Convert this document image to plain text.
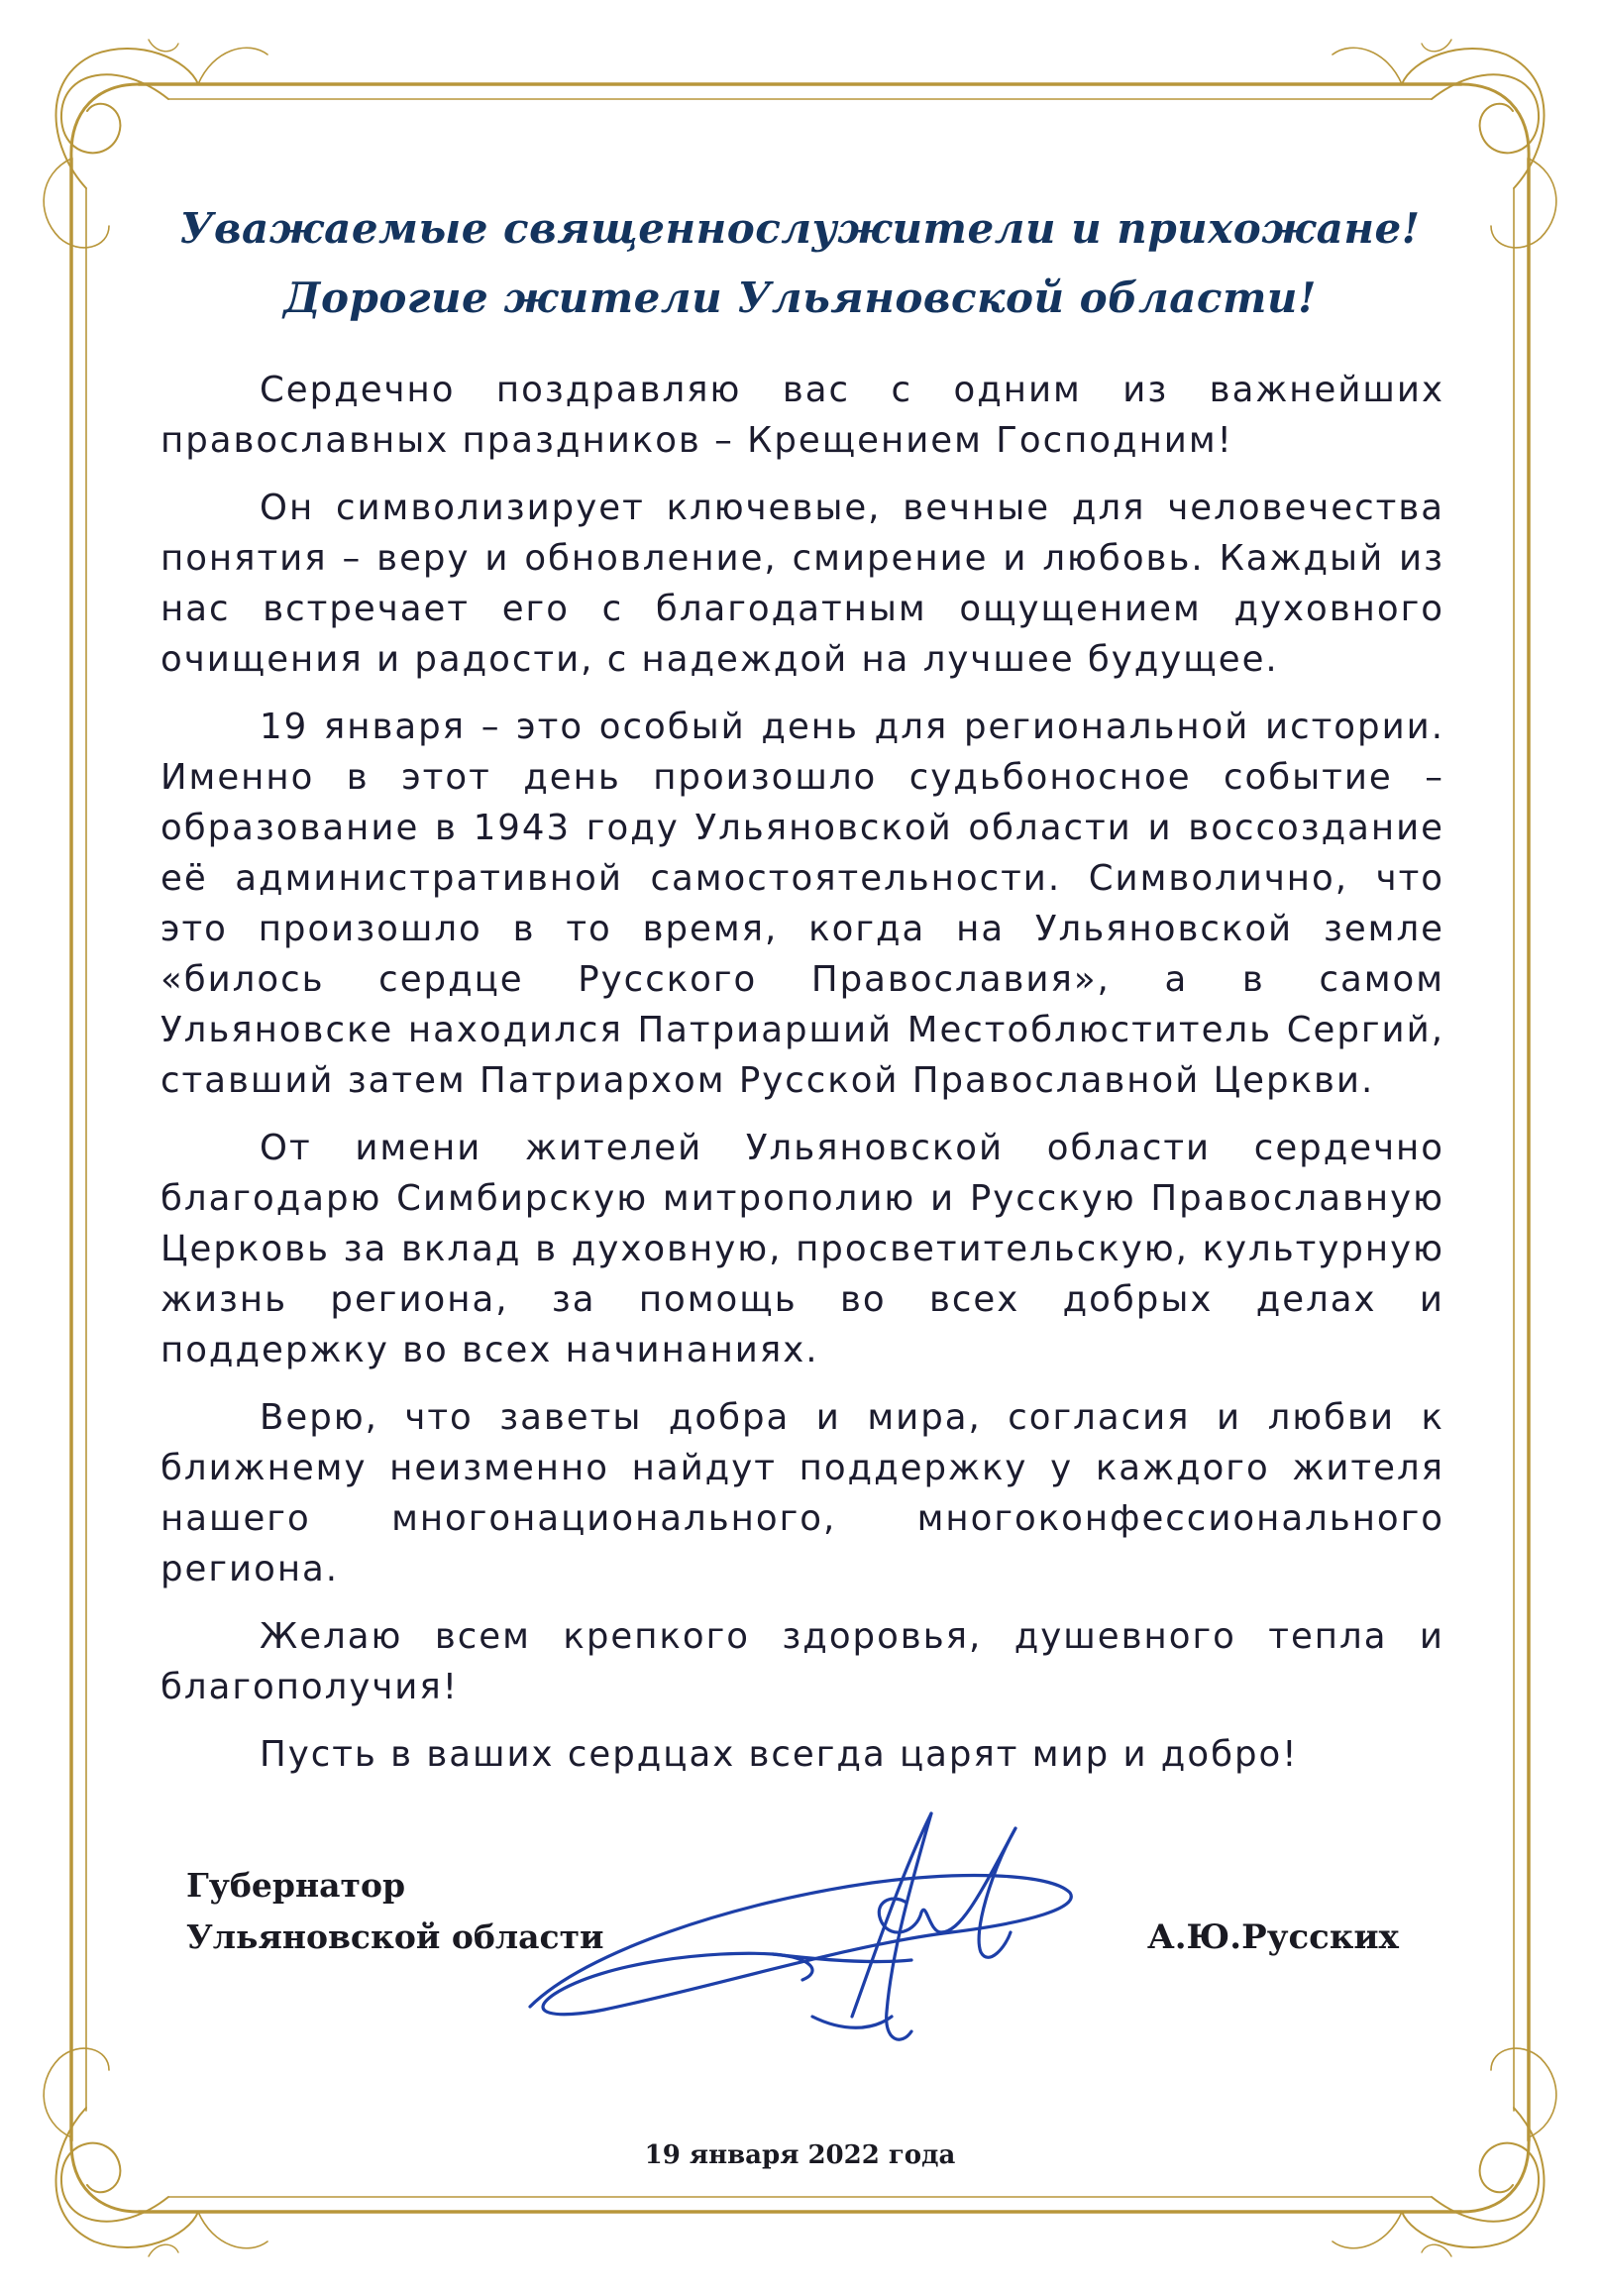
Уважаемые священнослужители и прихожане!
Дорогие жители Ульяновской области!

Сердечно поздравляю вас с одним из важнейших православных праздников – Крещением Господним!

Он символизирует ключевые, вечные для человечества понятия – веру и обновление, смирение и любовь. Каждый из нас встречает его с благодатным ощущением духовного очищения и радости, с надеждой на лучшее будущее.

19 января – это особый день для региональной истории. Именно в этот день произошло судьбоносное событие – образование в 1943 году Ульяновской области и воссоздание её административной самостоятельности. Символично, что это произошло в то время, когда на Ульяновской земле «билось сердце Русского Православия», а в самом Ульяновске находился Патриарший Местоблюститель Сергий, ставший затем Патриархом Русской Православной Церкви.

От имени жителей Ульяновской области сердечно благодарю Симбирскую митрополию и Русскую Православную Церковь за вклад в духовную, просветительскую, культурную жизнь региона, за помощь во всех добрых делах и поддержку во всех начинаниях.

Верю, что заветы добра и мира, согласия и любви к ближнему неизменно найдут поддержку у каждого жителя нашего многонационального, многоконфессионального региона.

Желаю всем крепкого здоровья, душевного тепла и благополучия!

Пусть в ваших сердцах всегда царят мир и добро!

Губернатор
Ульяновской области	А.Ю.Русских
19 января 2022 года
